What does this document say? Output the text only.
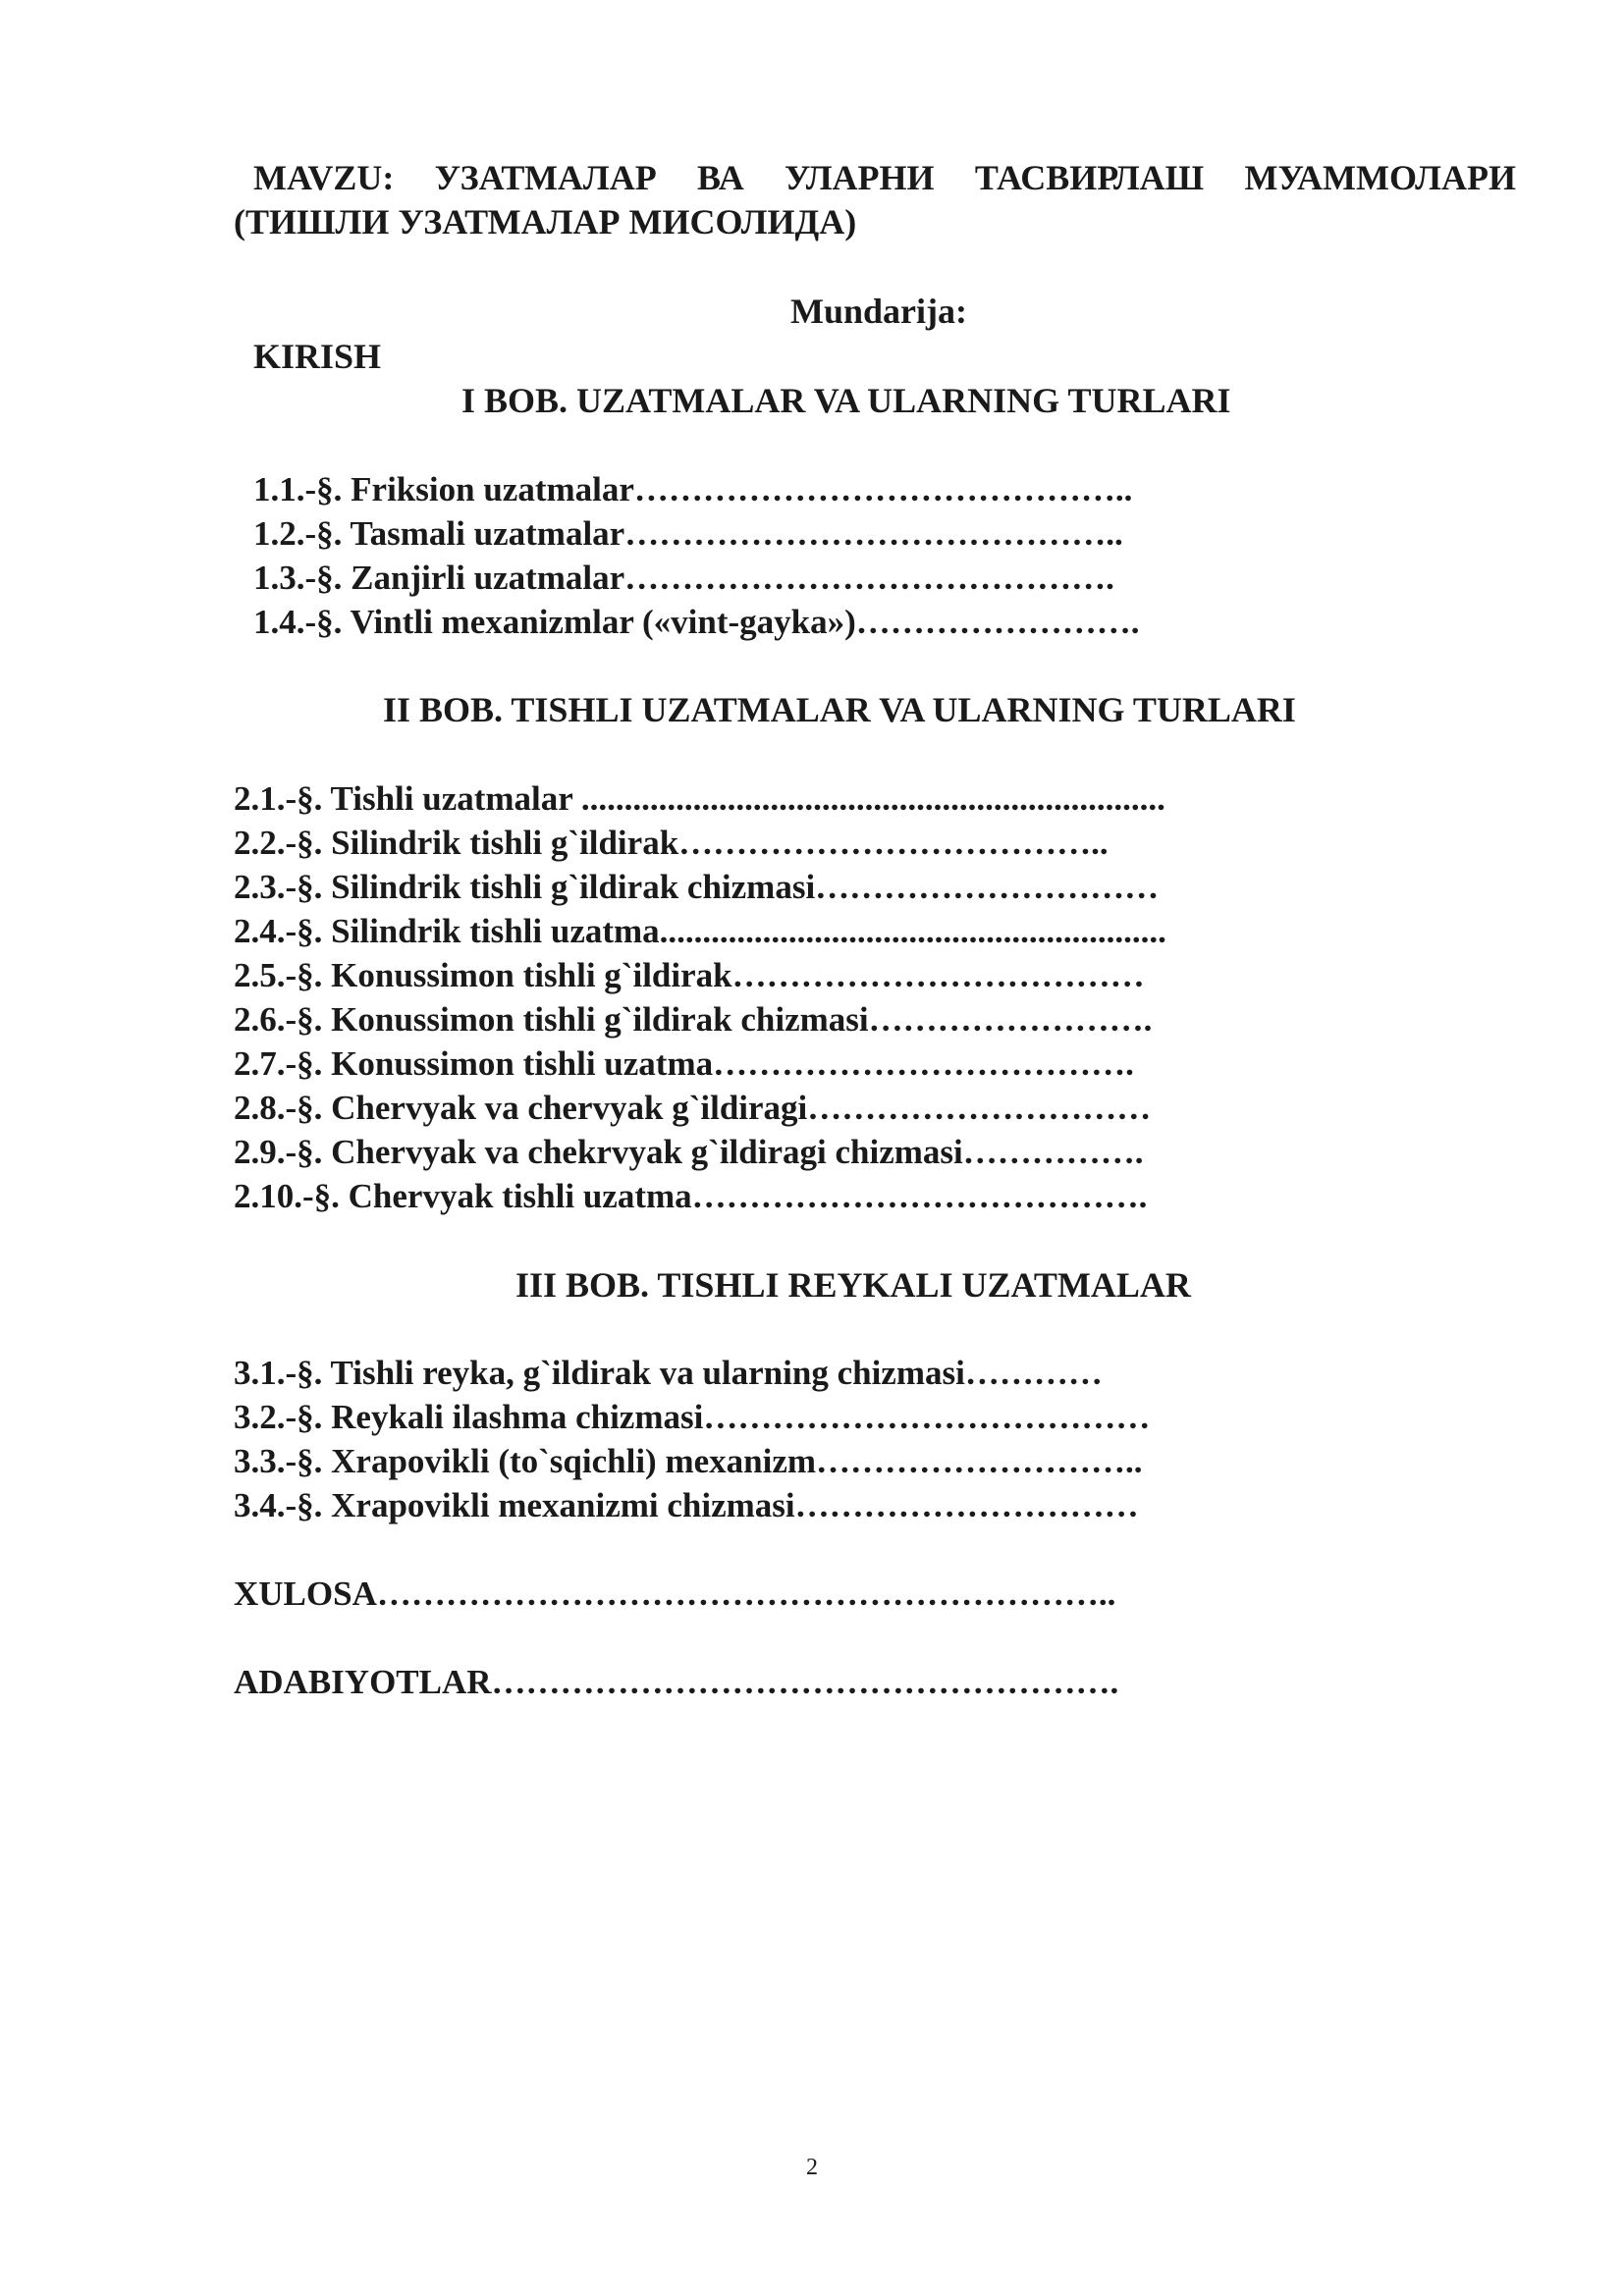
MAVZU: УЗАТМАЛАР ВА УЛАРНИ ТАСВИРЛАШ МУАММОЛАРИ
(ТИШЛИ УЗАТМАЛАР МИСОЛИДА)
Mundarija:
KIRISH
I BOB. UZATMALAR VA ULARNING TURLARI
1.1.-§. Friksion uzatmalar……………………………………..
1.2.-§. Tasmali uzatmalar……………………………………..
1.3.-§. Zanjirli uzatmalar…………………………………….
1.4.-§. Vintli mexanizmlar («vint-gayka»)…………………….
II BOB. TISHLI UZATMALAR VA ULARNING TURLARI
2.1.-§. Tishli uzatmalar ....................................................................
2.2.-§. Silindrik tishli g`ildirak………………………………..
2.3.-§. Silindrik tishli g`ildirak chizmasi…………………………
2.4.-§. Silindrik tishli uzatma...........................................................
2.5.-§. Konussimon tishli g`ildirak………………………………
2.6.-§. Konussimon tishli g`ildirak chizmasi…………………….
2.7.-§. Konussimon tishli uzatma……………………………….
2.8.-§. Chervyak va chervyak g`ildiragi…………………………
2.9.-§. Chervyak va chekrvyak g`ildiragi chizmasi…………….
2.10.-§. Chervyak tishli uzatma………………………………….
III BOB. TISHLI REYKALI UZATMALAR
3.1.-§. Tishli reyka, g`ildirak va ularning chizmasi…………
3.2.-§. Reykali ilashma chizmasi…………………………………
3.3.-§. Xrapovikli (to`sqichli) mexanizm………………………..
3.4.-§. Xrapovikli mexanizmi chizmasi…………………………
XULOSA………………………………………………………..
ADABIYOTLAR……………………………………………….
2
